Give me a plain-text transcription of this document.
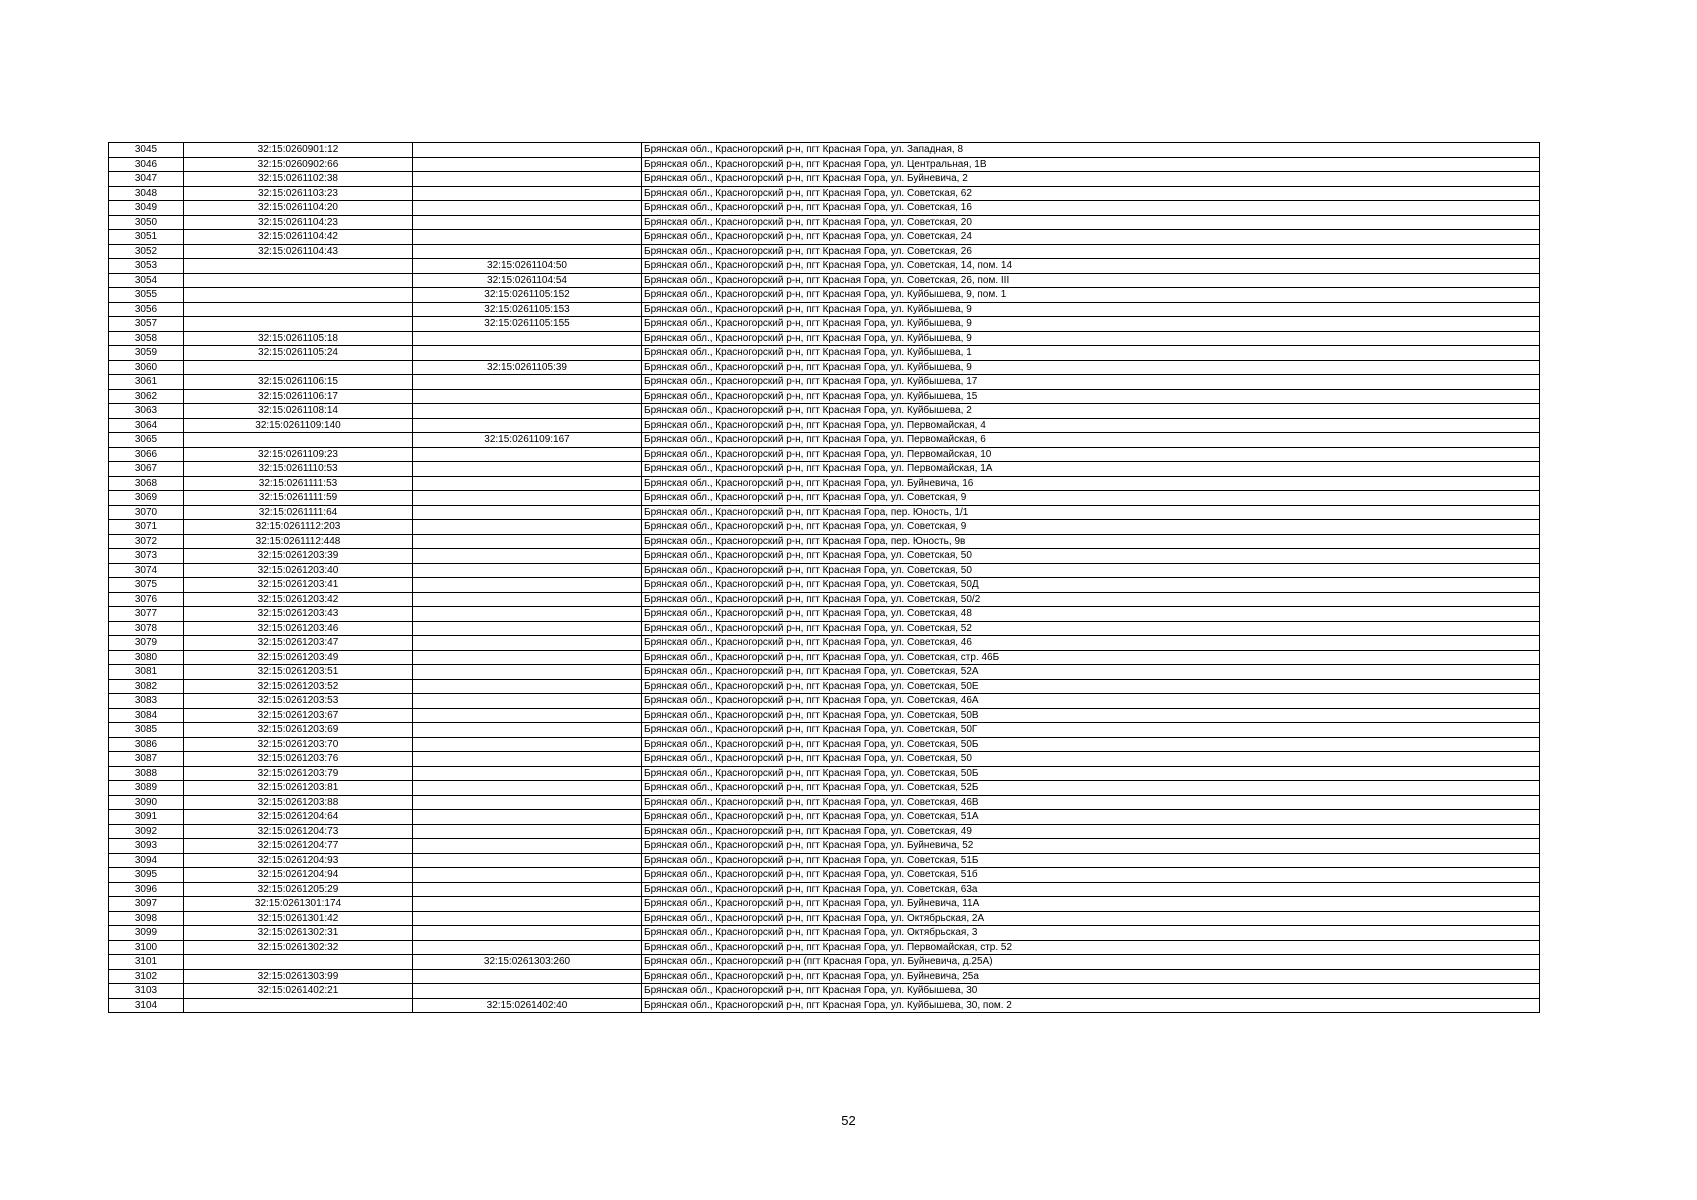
3045	32:15:0260901:12		Брянская обл., Красногорский р-н, пгт Красная Гора, ул. Западная, 8
3046	32:15:0260902:66		Брянская обл., Красногорский р-н, пгт Красная Гора, ул. Центральная, 1В
3047	32:15:0261102:38		Брянская обл., Красногорский р-н, пгт Красная Гора, ул. Буйневича, 2
3048	32:15:0261103:23		Брянская обл., Красногорский р-н, пгт Красная Гора, ул. Советская, 62
3049	32:15:0261104:20		Брянская обл., Красногорский р-н, пгт Красная Гора, ул. Советская, 16
3050	32:15:0261104:23		Брянская обл., Красногорский р-н, пгт Красная Гора, ул. Советская, 20
3051	32:15:0261104:42		Брянская обл., Красногорский р-н, пгт Красная Гора, ул. Советская, 24
3052	32:15:0261104:43		Брянская обл., Красногорский р-н, пгт Красная Гора, ул. Советская, 26
3053		32:15:0261104:50	Брянская обл., Красногорский р-н, пгт Красная Гора, ул. Советская, 14, пом. 14
3054		32:15:0261104:54	Брянская обл., Красногорский р-н, пгт Красная Гора, ул. Советская, 26, пом. III
3055		32:15:0261105:152	Брянская обл., Красногорский р-н, пгт Красная Гора, ул. Куйбышева, 9, пом. 1
3056		32:15:0261105:153	Брянская обл., Красногорский р-н, пгт Красная Гора, ул. Куйбышева, 9
3057		32:15:0261105:155	Брянская обл., Красногорский р-н, пгт Красная Гора, ул. Куйбышева, 9
3058	32:15:0261105:18		Брянская обл., Красногорский р-н, пгт Красная Гора, ул. Куйбышева, 9
3059	32:15:0261105:24		Брянская обл., Красногорский р-н, пгт Красная Гора, ул. Куйбышева, 1
3060		32:15:0261105:39	Брянская обл., Красногорский р-н, пгт Красная Гора, ул. Куйбышева, 9
3061	32:15:0261106:15		Брянская обл., Красногорский р-н, пгт Красная Гора, ул. Куйбышева, 17
3062	32:15:0261106:17		Брянская обл., Красногорский р-н, пгт Красная Гора, ул. Куйбышева, 15
3063	32:15:0261108:14		Брянская обл., Красногорский р-н, пгт Красная Гора, ул. Куйбышева, 2
3064	32:15:0261109:140		Брянская обл., Красногорский р-н, пгт Красная Гора, ул. Первомайская, 4
3065		32:15:0261109:167	Брянская обл., Красногорский р-н, пгт Красная Гора, ул. Первомайская, 6
3066	32:15:0261109:23		Брянская обл., Красногорский р-н, пгт Красная Гора, ул. Первомайская, 10
3067	32:15:0261110:53		Брянская обл., Красногорский р-н, пгт Красная Гора, ул. Первомайская, 1А
3068	32:15:0261111:53		Брянская обл., Красногорский р-н, пгт Красная Гора, ул. Буйневича, 16
3069	32:15:0261111:59		Брянская обл., Красногорский р-н, пгт Красная Гора, ул. Советская, 9
3070	32:15:0261111:64		Брянская обл., Красногорский р-н, пгт Красная Гора, пер. Юность, 1/1
3071	32:15:0261112:203		Брянская обл., Красногорский р-н, пгт Красная Гора, ул. Советская, 9
3072	32:15:0261112:448		Брянская обл., Красногорский р-н, пгт Красная Гора, пер. Юность, 9в
3073	32:15:0261203:39		Брянская обл., Красногорский р-н, пгт Красная Гора, ул. Советская, 50
3074	32:15:0261203:40		Брянская обл., Красногорский р-н, пгт Красная Гора, ул. Советская, 50
3075	32:15:0261203:41		Брянская обл., Красногорский р-н, пгт Красная Гора, ул. Советская, 50Д
3076	32:15:0261203:42		Брянская обл., Красногорский р-н, пгт Красная Гора, ул. Советская, 50/2
3077	32:15:0261203:43		Брянская обл., Красногорский р-н, пгт Красная Гора, ул. Советская, 48
3078	32:15:0261203:46		Брянская обл., Красногорский р-н, пгт Красная Гора, ул. Советская, 52
3079	32:15:0261203:47		Брянская обл., Красногорский р-н, пгт Красная Гора, ул. Советская, 46
3080	32:15:0261203:49		Брянская обл., Красногорский р-н, пгт Красная Гора, ул. Советская, стр. 46Б
3081	32:15:0261203:51		Брянская обл., Красногорский р-н, пгт Красная Гора, ул. Советская, 52А
3082	32:15:0261203:52		Брянская обл., Красногорский р-н, пгт Красная Гора, ул. Советская, 50Е
3083	32:15:0261203:53		Брянская обл., Красногорский р-н, пгт Красная Гора, ул. Советская, 46А
3084	32:15:0261203:67		Брянская обл., Красногорский р-н, пгт Красная Гора, ул. Советская, 50В
3085	32:15:0261203:69		Брянская обл., Красногорский р-н, пгт Красная Гора, ул. Советская, 50Г
3086	32:15:0261203:70		Брянская обл., Красногорский р-н, пгт Красная Гора, ул. Советская, 50Б
3087	32:15:0261203:76		Брянская обл., Красногорский р-н, пгт Красная Гора, ул. Советская, 50
3088	32:15:0261203:79		Брянская обл., Красногорский р-н, пгт Красная Гора, ул. Советская, 50Б
3089	32:15:0261203:81		Брянская обл., Красногорский р-н, пгт Красная Гора, ул. Советская, 52Б
3090	32:15:0261203:88		Брянская обл., Красногорский р-н, пгт Красная Гора, ул. Советская, 46В
3091	32:15:0261204:64		Брянская обл., Красногорский р-н, пгт Красная Гора, ул. Советская, 51А
3092	32:15:0261204:73		Брянская обл., Красногорский р-н, пгт Красная Гора, ул. Советская, 49
3093	32:15:0261204:77		Брянская обл., Красногорский р-н, пгт Красная Гора, ул. Буйневича, 52
3094	32:15:0261204:93		Брянская обл., Красногорский р-н, пгт Красная Гора, ул. Советская, 51Б
3095	32:15:0261204:94		Брянская обл., Красногорский р-н, пгт Красная Гора, ул. Советская, 51б
3096	32:15:0261205:29		Брянская обл., Красногорский р-н, пгт Красная Гора, ул. Советская, 63а
3097	32:15:0261301:174		Брянская обл., Красногорский р-н, пгт Красная Гора, ул. Буйневича, 11А
3098	32:15:0261301:42		Брянская обл., Красногорский р-н, пгт Красная Гора, ул. Октябрьская, 2А
3099	32:15:0261302:31		Брянская обл., Красногорский р-н, пгт Красная Гора, ул. Октябрьская, 3
3100	32:15:0261302:32		Брянская обл., Красногорский р-н, пгт Красная Гора, ул. Первомайская, стр. 52
3101		32:15:0261303:260	Брянская обл., Красногорский р-н (пгт Красная Гора, ул. Буйневича, д.25А)
3102	32:15:0261303:99		Брянская обл., Красногорский р-н, пгт Красная Гора, ул. Буйневича, 25а
3103	32:15:0261402:21		Брянская обл., Красногорский р-н, пгт Красная Гора, ул. Куйбышева, 30
3104		32:15:0261402:40	Брянская обл., Красногорский р-н, пгт Красная Гора, ул. Куйбышева, 30, пом. 2
52
